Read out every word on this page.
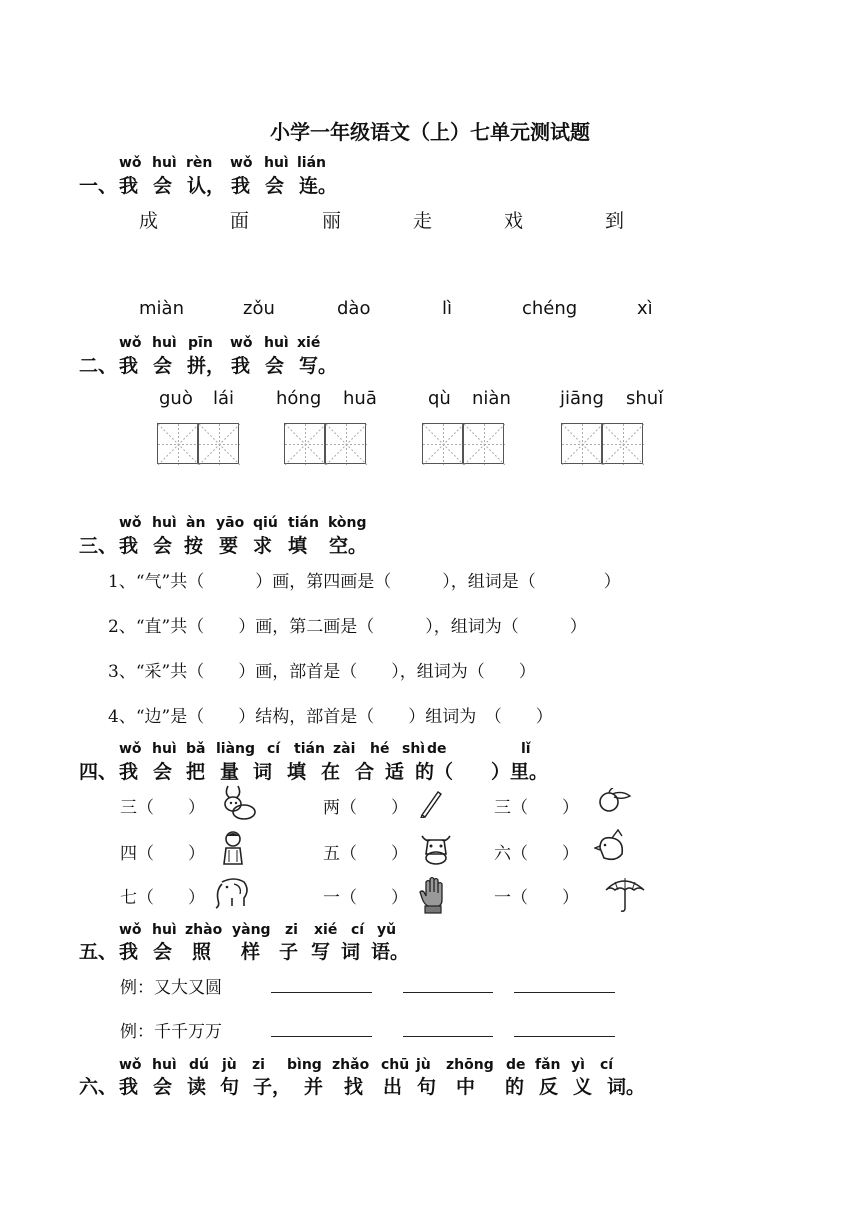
小学一年级语文（上）七单元测试题
wǒ huì rèn wǒ huì lián
一、 我 会 认， 我 会 连。
成	面	丽	走	戏	到
miàn	zǒu	dào	lì	chéng	xì
wǒ huì pīn wǒ huì xié
二、 我 会 拼， 我 会 写。
guò lái hóng huā	qù niàn	jiāng shuǐ
wǒ huì àn yāo qiú tián kòng
三、 我 会 按 要 求 填 空。
1、“气”共（　　　）画，第四画是（　　　），组词是（　　　　）
2、“直”共（　　）画，第二画是（　　　），组词为（　　　）
3、“采”共（　　）画，部首是（　　），组词为（　　）
4、“边”是（　　）结构，部首是（　　）组词为　（　　）
wǒ huì bǎ liàng cí tián zài hé shì de	lǐ
四、 我 会 把 量 词 填 在 合 适 的（ ）里。
三（　　）	两（　　）	三（　　）
四（　　）	五（　　）	六（　　）
七（　　）	一（　　）	一（　　）
wǒ huì zhào yàng zi xié cí yǔ
五、 我 会 照 样 子 写 词 语。
例：又大又圆
例：千千万万
wǒ huì dú jù zi bìng zhǎo chū jù zhōng de fǎn yì cí
六、 我 会 读 句 子， 并 找 出 句 中 的 反 义 词。
